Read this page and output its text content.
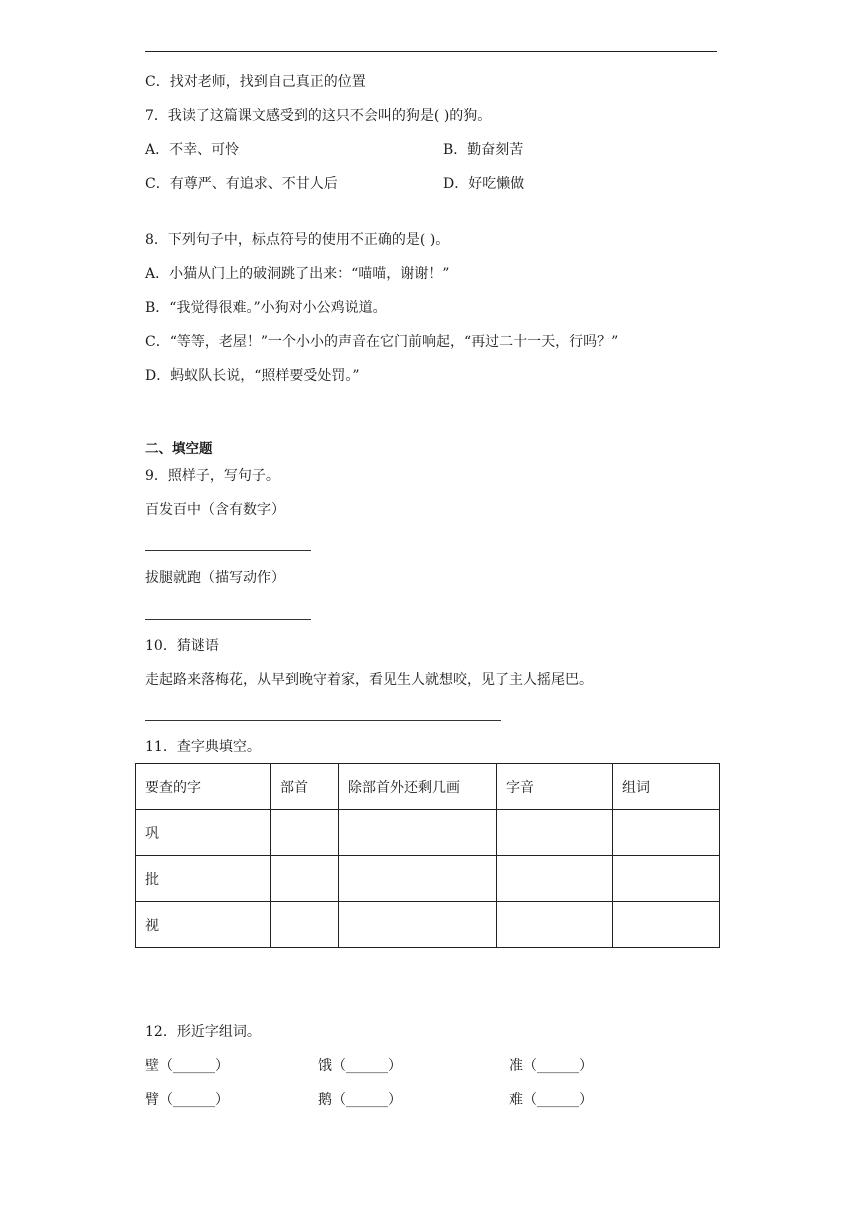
C．找对老师，找到自己真正的位置
7．我读了这篇课文感受到的这只不会叫的狗是( )的狗。
A．不幸、可怜	B．勤奋刻苦
C．有尊严、有追求、不甘人后	D．好吃懒做
8．下列句子中，标点符号的使用不正确的是( )。
A．小猫从门上的破洞跳了出来：“喵喵，谢谢！”
B．“我觉得很难。”小狗对小公鸡说道。
C．“等等，老屋！”一个小小的声音在它门前响起，“再过二十一天，行吗？”
D．蚂蚁队长说，“照样要受处罚。”
二、填空题
9．照样子，写句子。
百发百中（含有数字）
拔腿就跑（描写动作）
10．猜谜语
走起路来落梅花，从早到晚守着家，看见生人就想咬，见了主人摇尾巴。
11．查字典填空。
要查的字	部首	除部首外还剩几画	字音	组词
巩				
批				
视				
12．形近字组词。
壁（______）	饿（______）	准（______）
臂（______）	鹅（______）	难（______）
